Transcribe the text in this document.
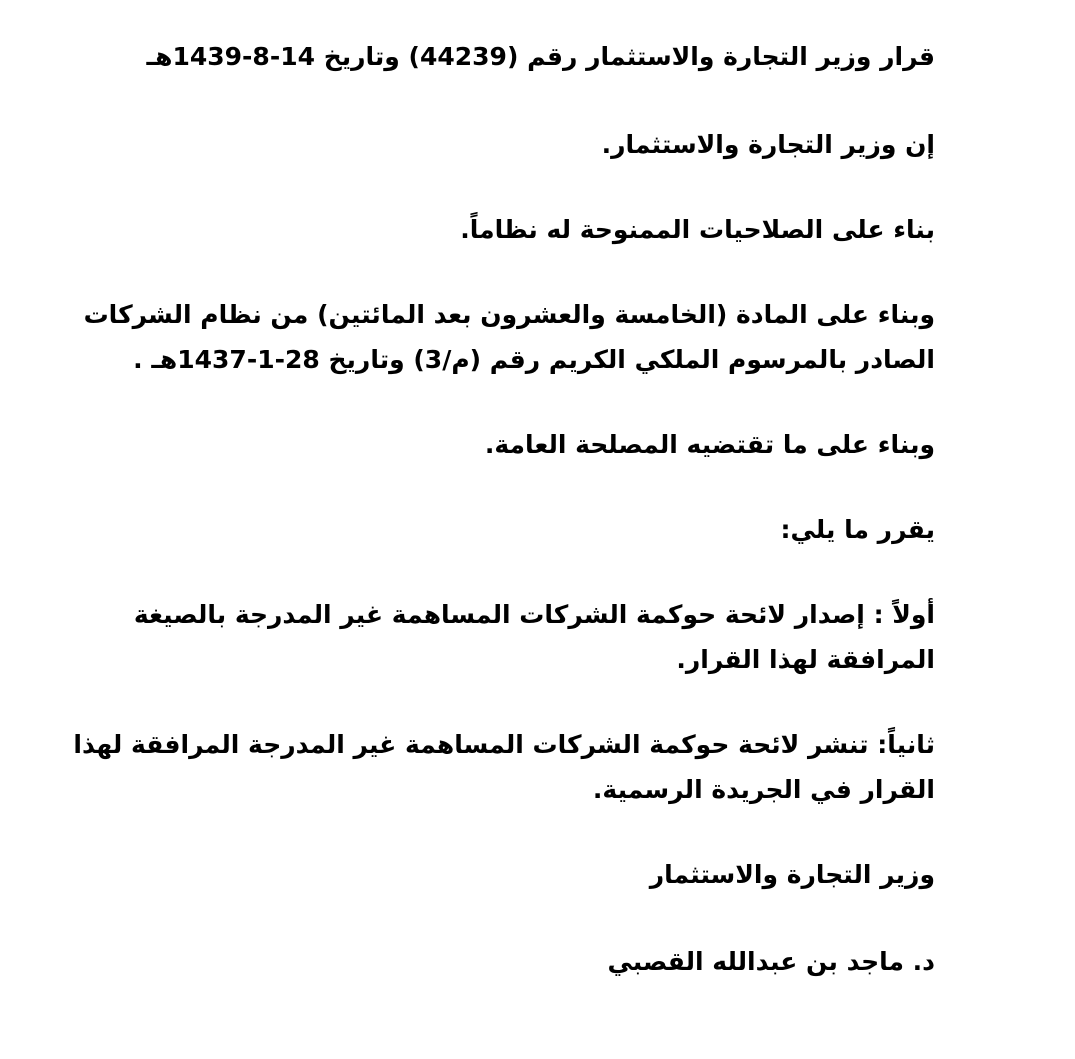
قرار وزير التجارة والاستثمار رقم (44239) وتاريخ 14-8-1439هـ

إن وزير التجارة والاستثمار.

بناء على الصلاحيات الممنوحة له نظاماً.

وبناء على المادة (الخامسة والعشرون بعد المائتين) من نظام الشركات
الصادر بالمرسوم الملكي الكريم رقم (م/3) وتاريخ 28-1-1437هـ .

وبناء على ما تقتضيه المصلحة العامة.

يقرر ما يلي:

أولاً : إصدار لائحة حوكمة الشركات المساهمة غير المدرجة بالصيغة
المرافقة لهذا القرار.

ثانياً: تنشر لائحة حوكمة الشركات المساهمة غير المدرجة المرافقة لهذا
القرار في الجريدة الرسمية.

وزير التجارة والاستثمار

د. ماجد بن عبدالله القصبي
